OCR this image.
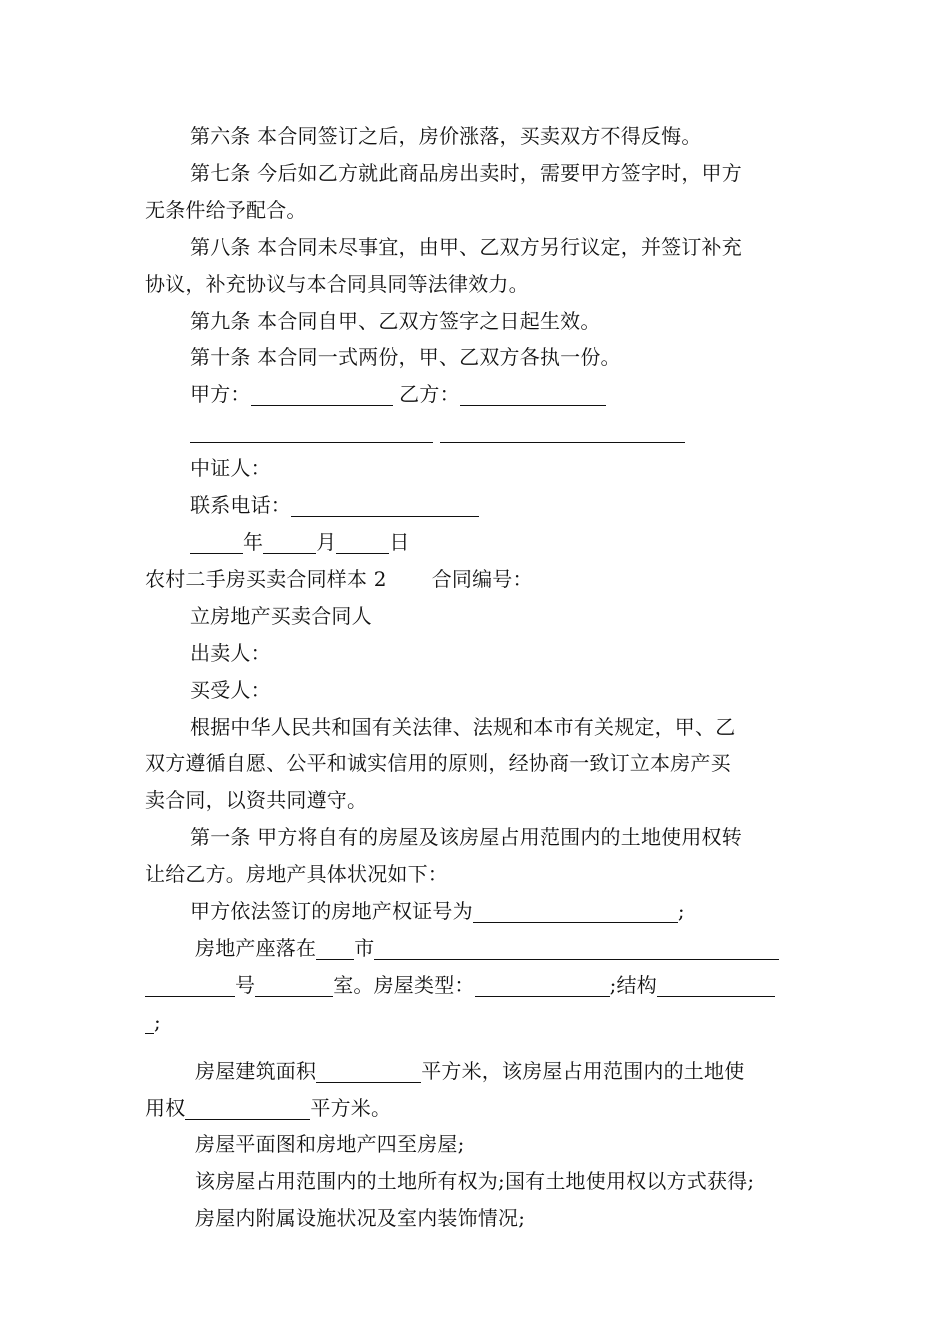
第六条 本合同签订之后，房价涨落，买卖双方不得反悔。

第七条 今后如乙方就此商品房出卖时，需要甲方签字时，甲方

无条件给予配合。

第八条 本合同未尽事宜，由甲、乙双方另行议定，并签订补充

协议，补充协议与本合同具同等法律效力。

第九条 本合同自甲、乙双方签字之日起生效。

第十条 本合同一式两份，甲、乙双方各执一份。

甲方：	乙方：

中证人：

联系电话：

年	月	日

农村二手房买卖合同样本 2 合同编号：

立房地产买卖合同人

出卖人：

买受人：

根据中华人民共和国有关法律、法规和本市有关规定，甲、乙

双方遵循自愿、公平和诚实信用的原则，经协商一致订立本房产买

卖合同，以资共同遵守。

第一条 甲方将自有的房屋及该房屋占用范围内的土地使用权转

让给乙方。房地产具体状况如下：

甲方依法签订的房地产权证号为	;

房地产座落在 市

号	室。房屋类型：	;结构

;

房屋建筑面积	平方米，该房屋占用范围内的土地使

用权	平方米。

房屋平面图和房地产四至房屋;

该房屋占用范围内的土地所有权为;国有土地使用权以方式获得;

房屋内附属设施状况及室内装饰情况;
